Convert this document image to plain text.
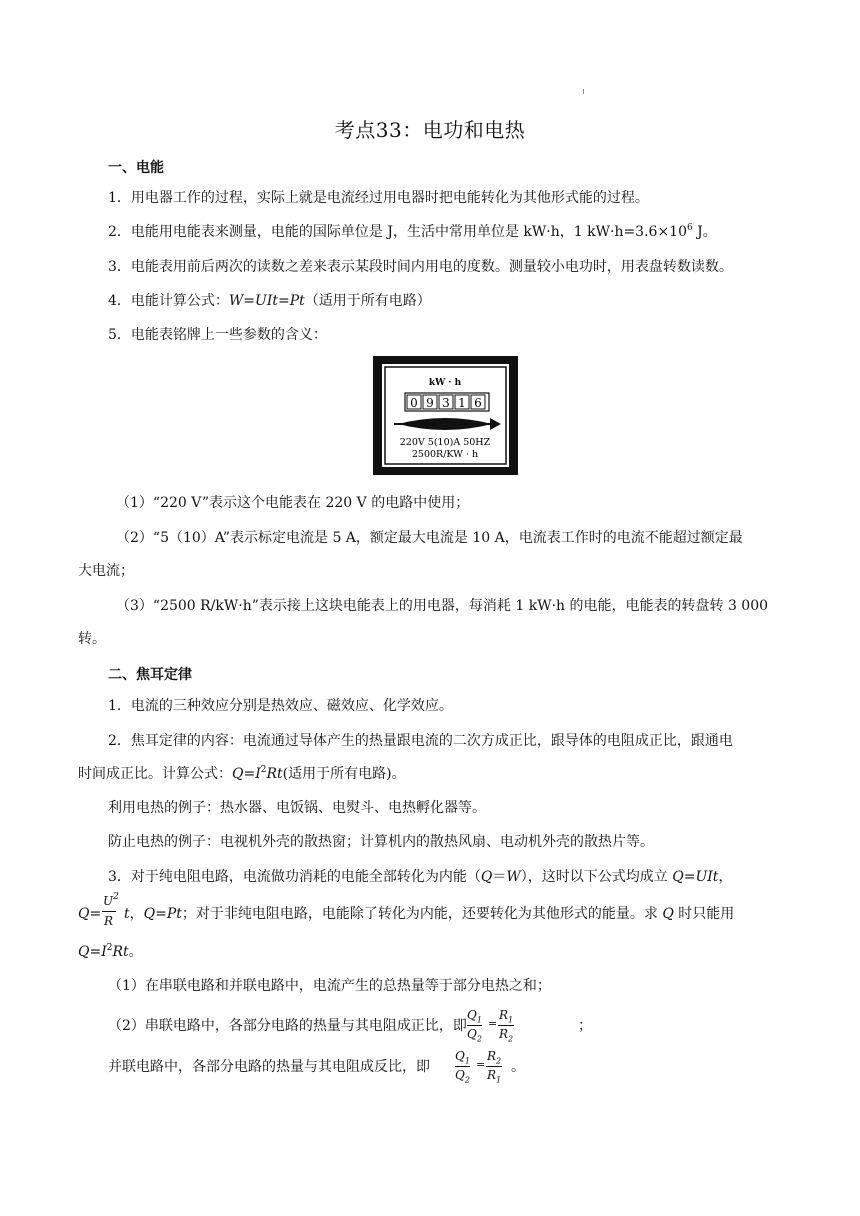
考点33：电功和电热
一、电能
1．用电器工作的过程，实际上就是电流经过用电器时把电能转化为其他形式能的过程。
2．电能用电能表来测量，电能的国际单位是 J，生活中常用单位是 kW·h，1 $kW\cdot h=3.6\times 10^6$ J。
3．电能表用前后两次的读数之差来表示某段时间内用电的度数。测量较小电功时，用表盘转数读数。
4．电能计算公式：W=UIt=Pt（适用于所有电路）
5．电能表铭牌上一些参数的含义：
kW · h
0 9 3 1 6
220V 5(10)A 50HZ
2500R/KW · h
（1）“220 V”表示这个电能表在 220 V 的电路中使用；
（2）“5（10）A”表示标定电流是 5 A，额定最大电流是 10 A，电流表工作时的电流不能超过额定最
大电流；
（3）“2500 R/kW·h”表示接上这块电能表上的用电器，每消耗 1 kW·h 的电能，电能表的转盘转 3 000
转。
二、焦耳定律
1．电流的三种效应分别是热效应、磁效应、化学效应。
2．焦耳定律的内容：电流通过导体产生的热量跟电流的二次方成正比，跟导体的电阻成正比，跟通电
时间成正比。计算公式：$Q=I^2Rt$(适用于所有电路)。
利用电热的例子：热水器、电饭锅、电熨斗、电热孵化器等。
防止电热的例子：电视机外壳的散热窗；计算机内的散热风扇、电动机外壳的散热片等。
3．对于纯电阻电路，电流做功消耗的电能全部转化为内能（Q＝W），这时以下公式均成立 Q=UIt，
Q=
$U^2$
R t，Q=Pt；对于非纯电阻电路，电能除了转化为内能，还要转化为其他形式的能量。求 Q 时只能用
$Q=I^2Rt$。
（1）在串联电路和并联电路中，电流产生的总热量等于部分电热之和；
（2）串联电路中，各部分电路的热量与其电阻成正比，即
$Q_1$
$Q_2$
=
$R_1$
$R_2$
；
并联电路中，各部分电路的热量与其电阻成反比，即
$Q_1$
$Q_2$
=
$R_2$
$R_1$
。
